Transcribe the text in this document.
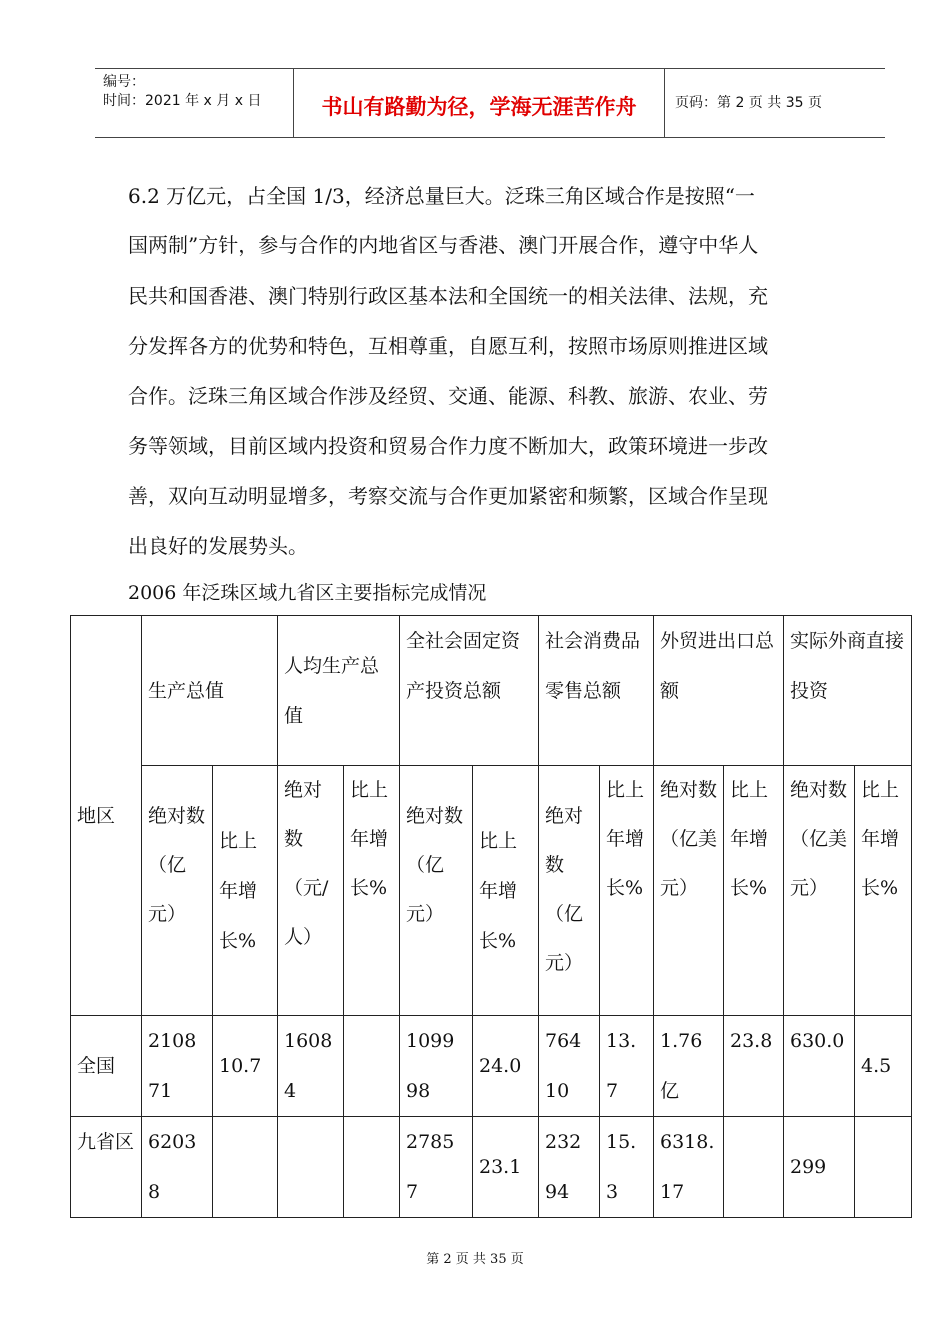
编号：
时间：2021 年 x 月 x 日	书山有路勤为径，学海无涯苦作舟	页码：第 2 页 共 35 页
6.2 万亿元，占全国 1/3，经济总量巨大。泛珠三角区域合作是按照“一
国两制”方针，参与合作的内地省区与香港、澳门开展合作，遵守中华人
民共和国香港、澳门特别行政区基本法和全国统一的相关法律、法规，充
分发挥各方的优势和特色，互相尊重，自愿互利，按照市场原则推进区域
合作。泛珠三角区域合作涉及经贸、交通、能源、科教、旅游、农业、劳
务等领域，目前区域内投资和贸易合作力度不断加大，政策环境进一步改
善，双向互动明显增多，考察交流与合作更加紧密和频繁，区域合作呈现
出良好的发展势头。
2006 年泛珠区域九省区主要指标完成情况
地区	生产总值		人均生产总值		全社会固定资产投资总额		社会消费品零售总额		外贸进出口总额		实际外商直接投资	
	绝对数（亿元）	比上年增长%	绝对数（元/人）	比上年增长%	绝对数（亿元）	比上年增长%	绝对数（亿元）	比上年增长%	绝对数（亿美元）	比上年增长%	绝对数（亿美元）	比上年增长%
全国	210871	10.7	16084		109998	24.0	76410	13.7	1.76亿	23.8	630.0	4.5
九省区	62038				27857	23.1	23294	15.3	6318.17		299	
第 2 页 共 35 页
